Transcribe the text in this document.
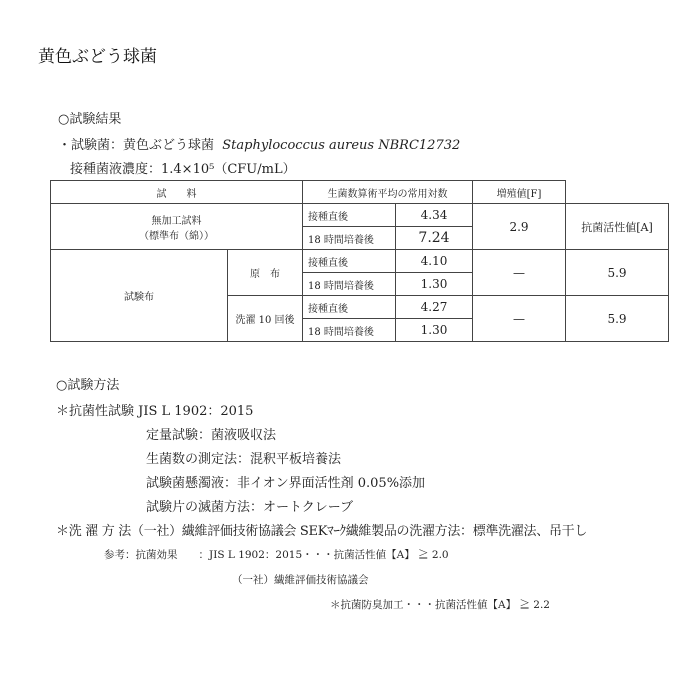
黄色ぶどう球菌
○試験結果
・試験菌：黄色ぶどう球菌 Staphylococcus aureus NBRC12732
接種菌液濃度：1.4×10⁵（CFU/mL）
試　　料		生菌数算術平均の常用対数		増殖値[F]	
無加工試料
（標準布（綿））		接種直後	4.34	2.9	抗菌活性値[A]
		18 時間培養後	7.24		
試験布	原　布	接種直後	4.10	—	5.9
		18 時間培養後	1.30		
	洗濯 10 回後	接種直後	4.27	—	5.9
		18 時間培養後	1.30		
○試験方法
＊抗菌性試験 JIS L 1902：2015
定量試験：菌液吸収法
生菌数の測定法：混釈平板培養法
試験菌懸濁液：非イオン界面活性剤 0.05%添加
試験片の滅菌方法：オートクレーブ
＊洗 濯 方 法（一社）繊維評価技術協議会 SEKﾏｰｸ繊維製品の洗濯方法：標準洗濯法、吊干し
参考：抗菌効果　　：JIS L 1902：2015・・・抗菌活性値【A】 ≧ 2.0
（一社）繊維評価技術協議会
＊抗菌防臭加工・・・抗菌活性値【A】 ≧ 2.2
